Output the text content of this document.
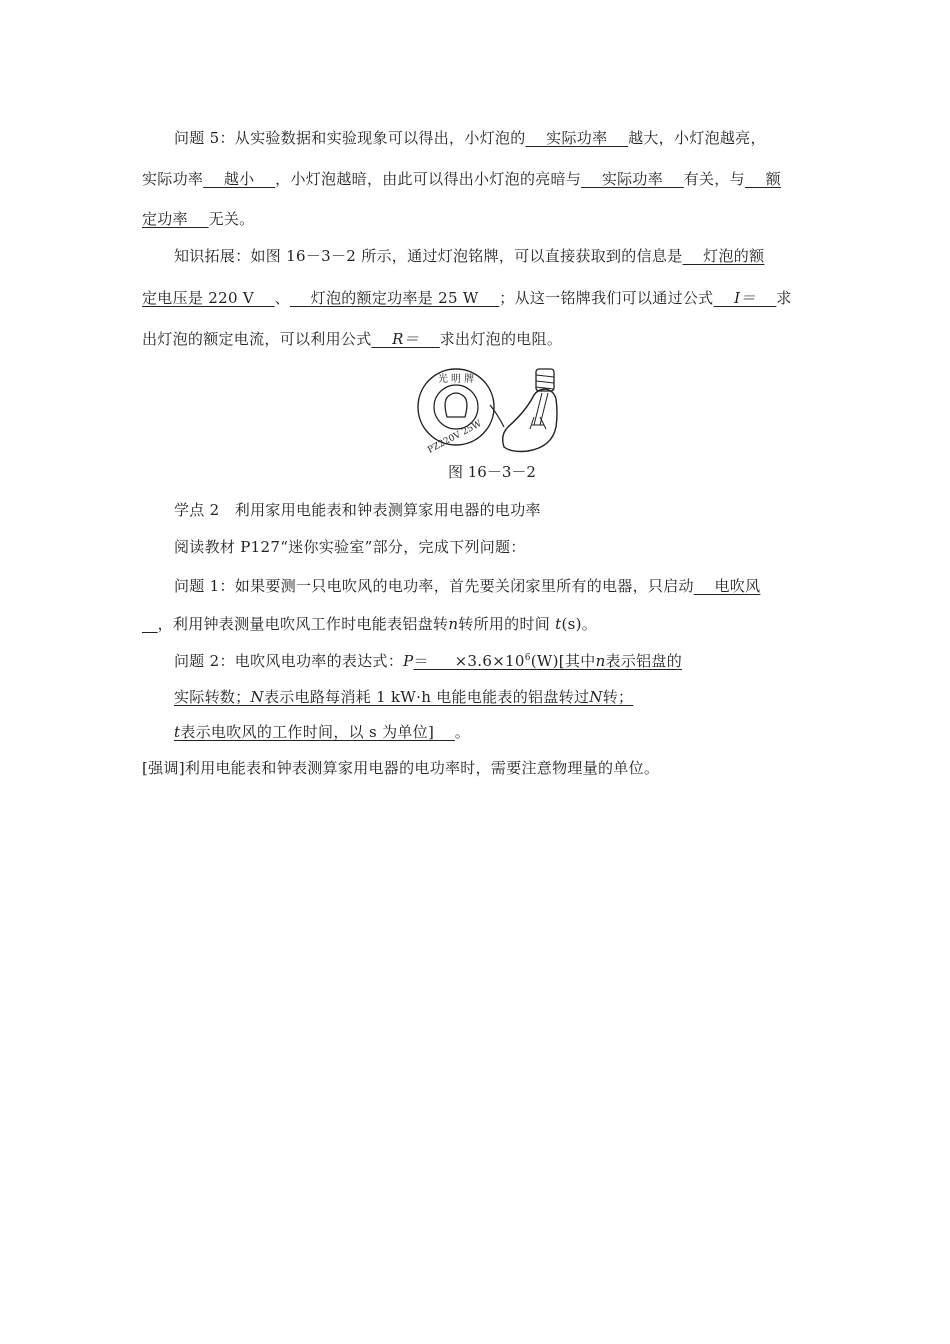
问题 5：从实验数据和实验现象可以得出，小灯泡的__ 实际功率 __越大，小灯泡越亮，
实际功率__ 越小 __，小灯泡越暗，由此可以得出小灯泡的亮暗与__ 实际功率 __有关，与__ 额
定功率 __无关。
知识拓展：如图 16－3－2 所示，通过灯泡铭牌，可以直接获取到的信息是__ 灯泡的额
定电压是 220 V __、__ 灯泡的额定功率是 25 W __；从这一铭牌我们可以通过公式__ I＝ __求
出灯泡的额定电流，可以利用公式__ R＝ __求出灯泡的电阻。
光 明 牌
PZ220V 25W
图 16－3－2
学点 2　利用家用电能表和钟表测算家用电器的电功率
阅读教材 P127“迷你实验室”部分，完成下列问题：
问题 1：如果要测一只电吹风的电功率，首先要关闭家里所有的电器，只启动__ 电吹风
__，利用钟表测量电吹风工作时电能表铝盘转n转所用的时间 t(s)。
问题 2：电吹风电功率的表达式：P＝ __ $\times 3.6\times 10^6(W)$[其中n表示铝盘的
实际转数；N表示电路每消耗 1 kW·h 电能电能表的铝盘转过N转；
t表示电吹风的工作时间，以 s 为单位] __。
[强调]利用电能表和钟表测算家用电器的电功率时，需要注意物理量的单位。
